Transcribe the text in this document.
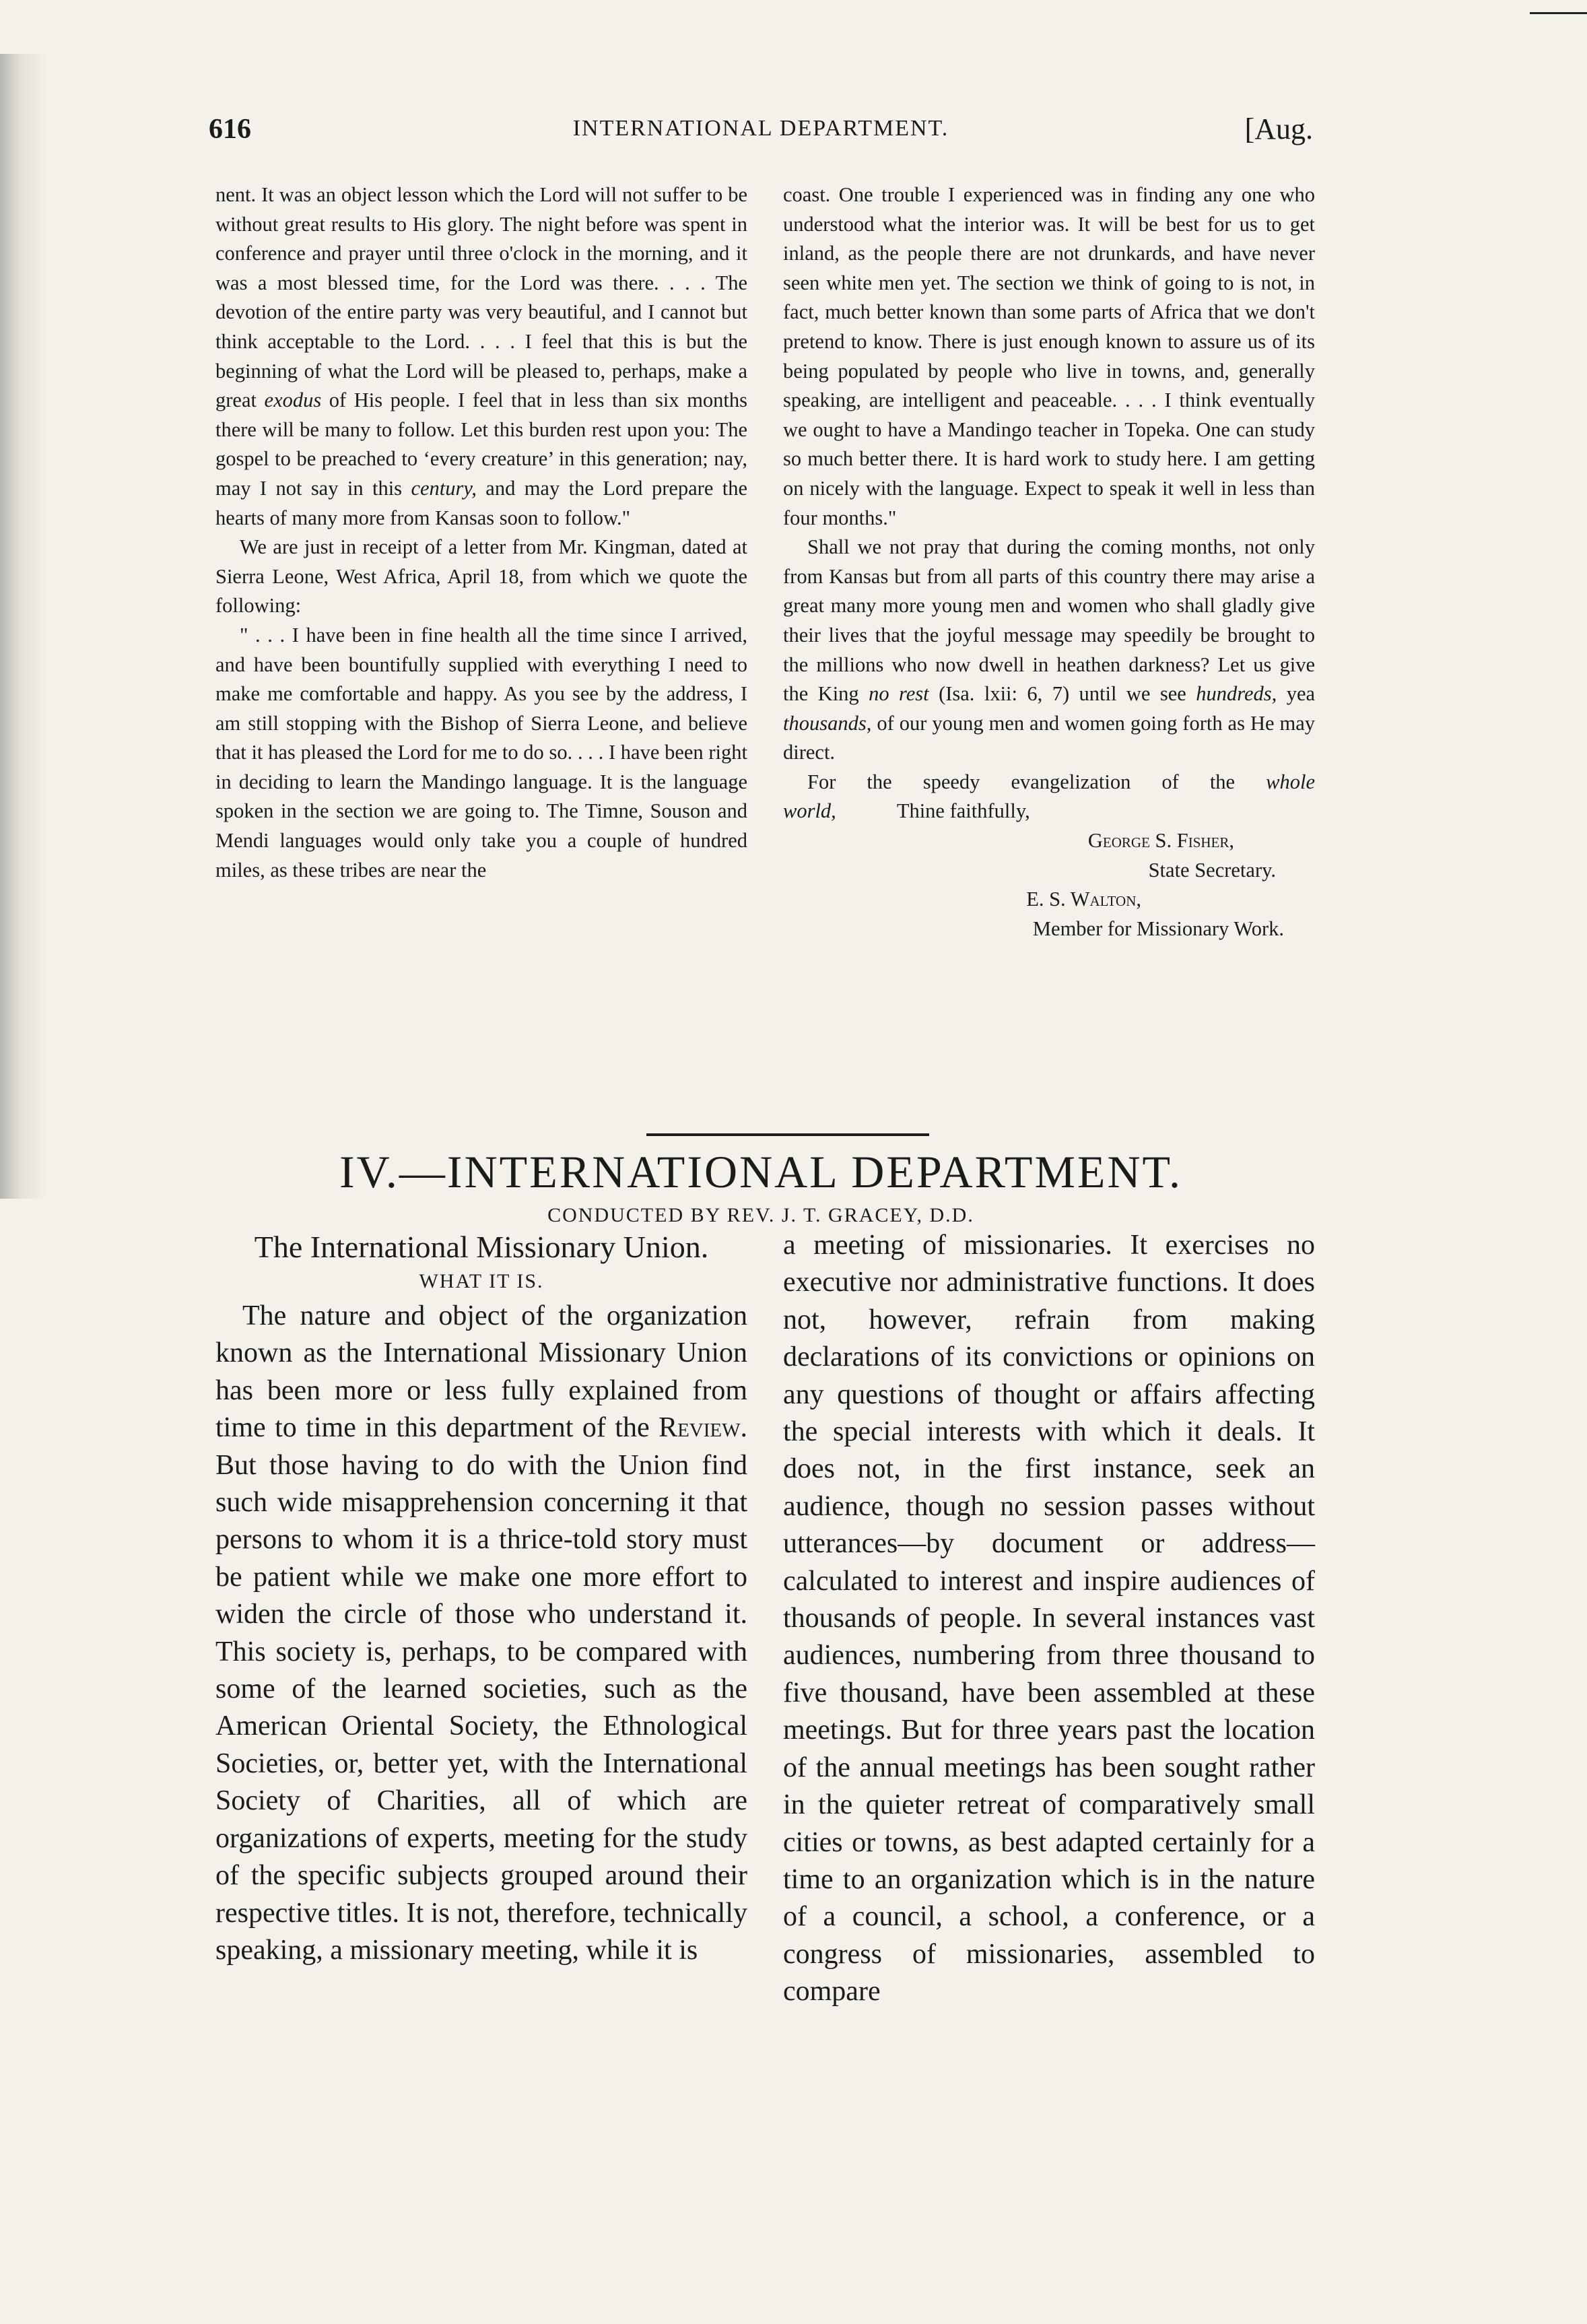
616	INTERNATIONAL DEPARTMENT.	[Aug.

nent. It was an object lesson which the Lord will not suffer to be without great results to His glory. The night before was spent in conference and prayer until three o'clock in the morning, and it was a most blessed time, for the Lord was there. . . . The devotion of the entire party was very beautiful, and I cannot but think acceptable to the Lord. . . . I feel that this is but the beginning of what the Lord will be pleased to, perhaps, make a great exodus of His people. I feel that in less than six months there will be many to follow. Let this burden rest upon you: The gospel to be preached to ‘every creature’ in this generation; nay, may I not say in this century, and may the Lord prepare the hearts of many more from Kansas soon to follow."

We are just in receipt of a letter from Mr. Kingman, dated at Sierra Leone, West Africa, April 18, from which we quote the following:

" . . . I have been in fine health all the time since I arrived, and have been bountifully supplied with everything I need to make me comfortable and happy. As you see by the address, I am still stopping with the Bishop of Sierra Leone, and believe that it has pleased the Lord for me to do so. . . . I have been right in deciding to learn the Mandingo language. It is the language spoken in the section we are going to. The Timne, Souson and Mendi languages would only take you a couple of hundred miles, as these tribes are near the

coast. One trouble I experienced was in finding any one who understood what the interior was. It will be best for us to get inland, as the people there are not drunkards, and have never seen white men yet. The section we think of going to is not, in fact, much better known than some parts of Africa that we don't pretend to know. There is just enough known to assure us of its being populated by people who live in towns, and, generally speaking, are intelligent and peaceable. . . . I think eventually we ought to have a Mandingo teacher in Topeka. One can study so much better there. It is hard work to study here. I am getting on nicely with the language. Expect to speak it well in less than four months."

Shall we not pray that during the coming months, not only from Kansas but from all parts of this country there may arise a great many more young men and women who shall gladly give their lives that the joyful message may speedily be brought to the millions who now dwell in heathen darkness? Let us give the King no rest (Isa. lxii: 6, 7) until we see hundreds, yea thousands, of our young men and women going forth as He may direct.

For the speedy evangelization of the whole world,	Thine faithfully,

George S. Fisher,
State Secretary.
E. S. Walton,
Member for Missionary Work.
IV.—INTERNATIONAL DEPARTMENT.
CONDUCTED BY REV. J. T. GRACEY, D.D.
The International Missionary Union.
WHAT IT IS.

The nature and object of the organization known as the International Missionary Union has been more or less fully explained from time to time in this department of the Review. But those having to do with the Union find such wide misapprehension concerning it that persons to whom it is a thrice-told story must be patient while we make one more effort to widen the circle of those who understand it. This society is, perhaps, to be compared with some of the learned societies, such as the American Oriental Society, the Ethnological Societies, or, better yet, with the International Society of Charities, all of which are organizations of experts, meeting for the study of the specific subjects grouped around their respective titles. It is not, therefore, technically speaking, a missionary meeting, while it is

a meeting of missionaries. It exercises no executive nor administrative functions. It does not, however, refrain from making declarations of its convictions or opinions on any questions of thought or affairs affecting the special interests with which it deals. It does not, in the first instance, seek an audience, though no session passes without utterances—by document or address—calculated to interest and inspire audiences of thousands of people. In several instances vast audiences, numbering from three thousand to five thousand, have been assembled at these meetings. But for three years past the location of the annual meetings has been sought rather in the quieter retreat of comparatively small cities or towns, as best adapted certainly for a time to an organization which is in the nature of a council, a school, a conference, or a congress of missionaries, assembled to compare
